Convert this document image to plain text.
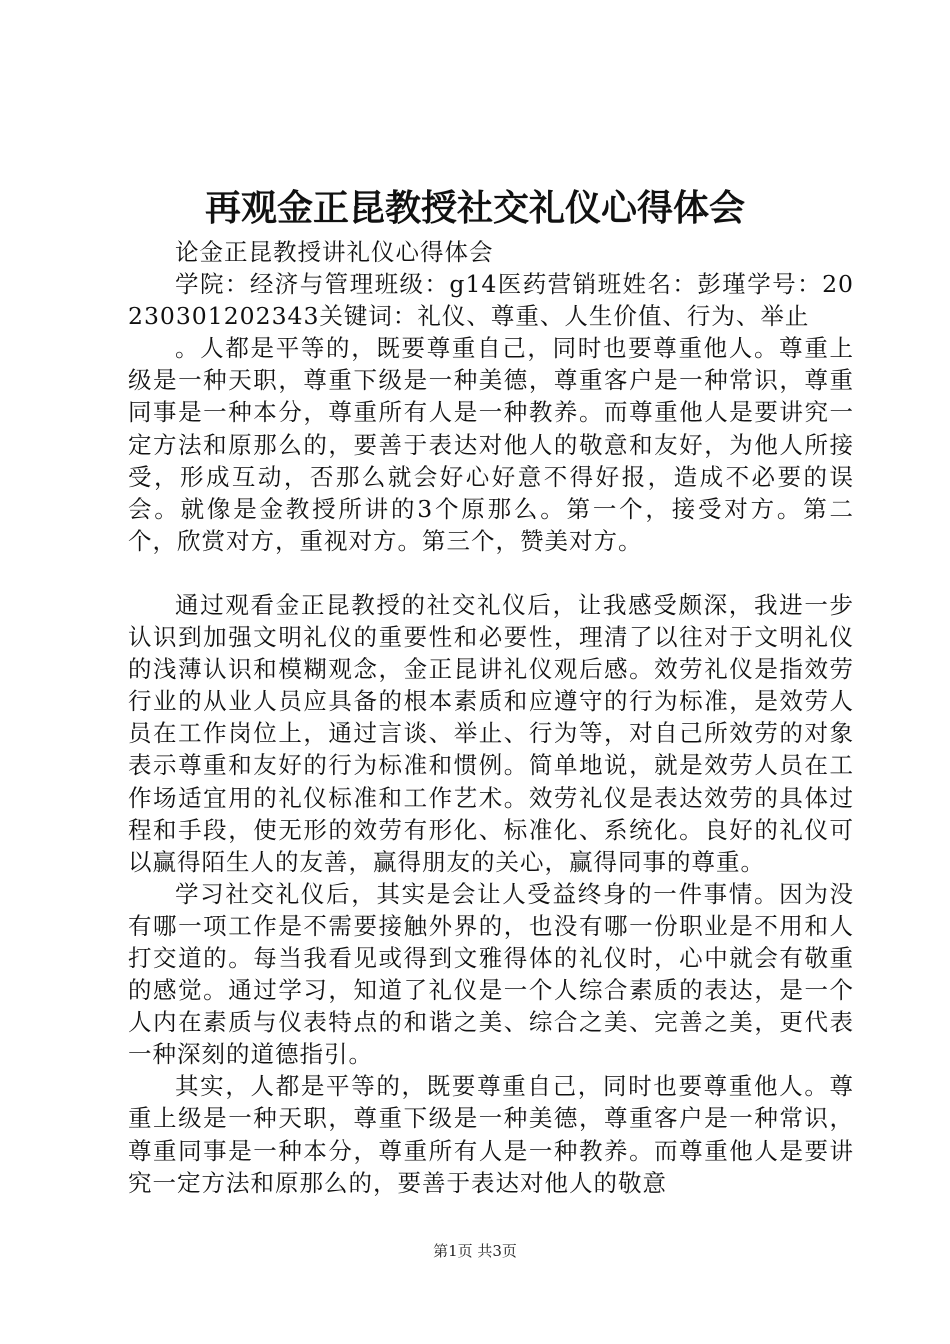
再观金正昆教授社交礼仪心得体会

论金正昆教授讲礼仪心得体会

学院：经济与管理班级：g14医药营销班姓名：彭瑾学号：20230301202343关键词：礼仪、尊重、人生价值、行为、举止

。人都是平等的，既要尊重自己，同时也要尊重他人。尊重上级是一种天职，尊重下级是一种美德，尊重客户是一种常识，尊重同事是一种本分，尊重所有人是一种教养。而尊重他人是要讲究一定方法和原那么的，要善于表达对他人的敬意和友好，为他人所接受，形成互动，否那么就会好心好意不得好报，造成不必要的误会。就像是金教授所讲的3个原那么。第一个，接受对方。第二个，欣赏对方，重视对方。第三个，赞美对方。

通过观看金正昆教授的社交礼仪后，让我感受颇深，我进一步认识到加强文明礼仪的重要性和必要性，理清了以往对于文明礼仪的浅薄认识和模糊观念，金正昆讲礼仪观后感。效劳礼仪是指效劳行业的从业人员应具备的根本素质和应遵守的行为标准，是效劳人员在工作岗位上，通过言谈、举止、行为等，对自己所效劳的对象表示尊重和友好的行为标准和惯例。简单地说，就是效劳人员在工作场适宜用的礼仪标准和工作艺术。效劳礼仪是表达效劳的具体过程和手段，使无形的效劳有形化、标准化、系统化。良好的礼仪可以赢得陌生人的友善，赢得朋友的关心，赢得同事的尊重。

学习社交礼仪后，其实是会让人受益终身的一件事情。因为没有哪一项工作是不需要接触外界的，也没有哪一份职业是不用和人打交道的。每当我看见或得到文雅得体的礼仪时，心中就会有敬重的感觉。通过学习，知道了礼仪是一个人综合素质的表达，是一个人内在素质与仪表特点的和谐之美、综合之美、完善之美，更代表一种深刻的道德指引。

其实，人都是平等的，既要尊重自己，同时也要尊重他人。尊重上级是一种天职，尊重下级是一种美德，尊重客户是一种常识，尊重同事是一种本分，尊重所有人是一种教养。而尊重他人是要讲究一定方法和原那么的，要善于表达对他人的敬意

第1页 共3页
